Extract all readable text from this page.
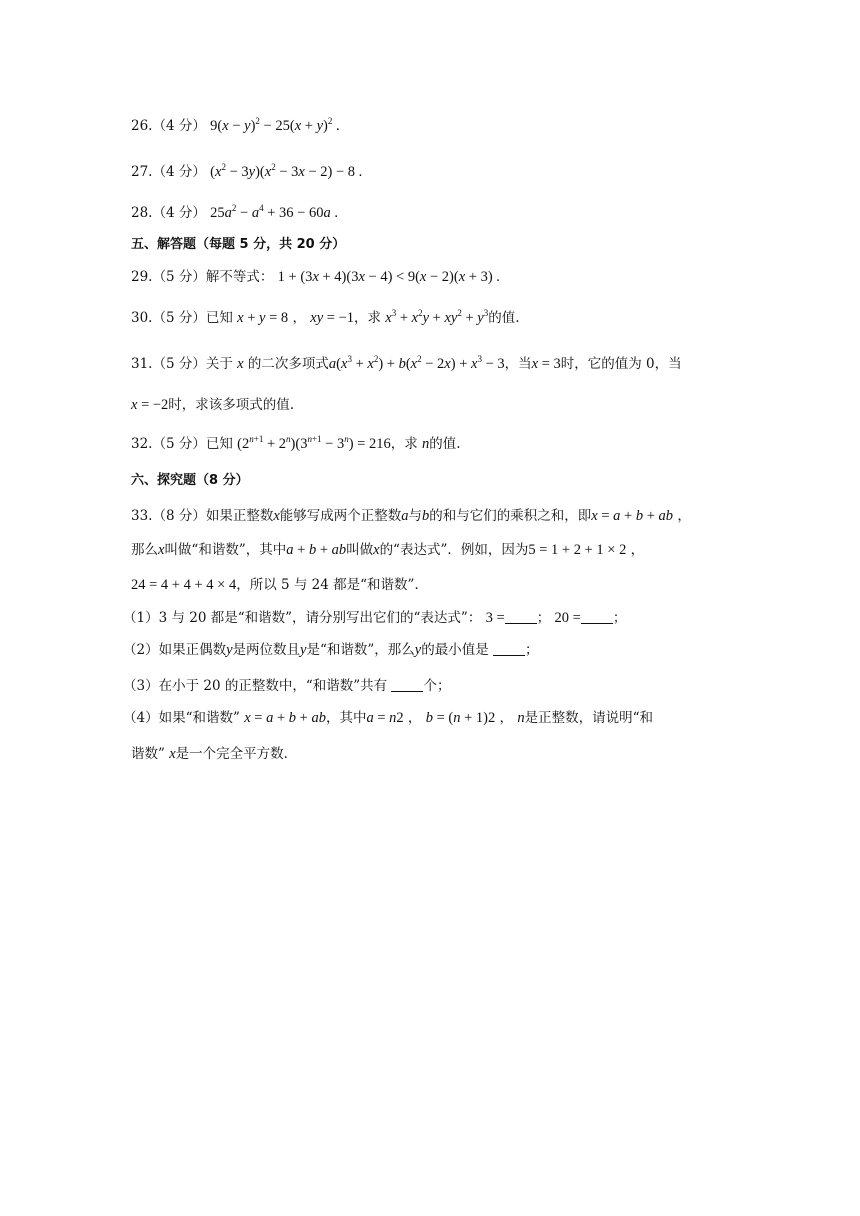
26.（4 分） $9(x - y)^2 - 25(x + y)^2$ .
27.（4 分） $(x^2 - 3y)(x^2 - 3x - 2) - 8$ .
28.（4 分） $25a^2 - a^4 + 36 - 60a$ .
五、解答题（每题 5 分，共 20 分）
29.（5 分）解不等式： 1 + (3x + 4)(3x − 4) < 9(x − 2)(x + 3) .
30.（5 分）已知 x + y = 8 ， xy = −1，求 $x^3 + x^2y + xy^2 + y^3$的值.
31.（5 分）关于 x 的二次多项式$a(x^3 + x^2) + b(x^2 - 2x) + x^3 - 3$，当x = 3时，它的值为 0，当
x = −2时，求该多项式的值.
32.（5 分）已知 $(2^{n+1} + 2^n)(3^{n+1} - 3^n) = 216$，求 n的值.
六、探究题（8 分）
33.（8 分）如果正整数x能够写成两个正整数a与b的和与它们的乘积之和，即x = a + b + ab ，
那么x叫做“和谐数”，其中a + b + ab叫做x的“表达式”．例如，因为5 = 1 + 2 + 1 × 2 ，
24 = 4 + 4 + 4 × 4，所以 5 与 24 都是“和谐数”．
（1）3 与 20 都是“和谐数”，请分别写出它们的“表达式”： 3 = ； 20 = ；
（2）如果正偶数y是两位数且y是“和谐数”，那么y的最小值是	；
（3）在小于 20 的正整数中，“和谐数”共有	个；
（4）如果“和谐数” x = a + b + ab，其中a = n2 ， b = (n + 1)2 ， n是正整数，请说明“和
谐数” x是一个完全平方数．
